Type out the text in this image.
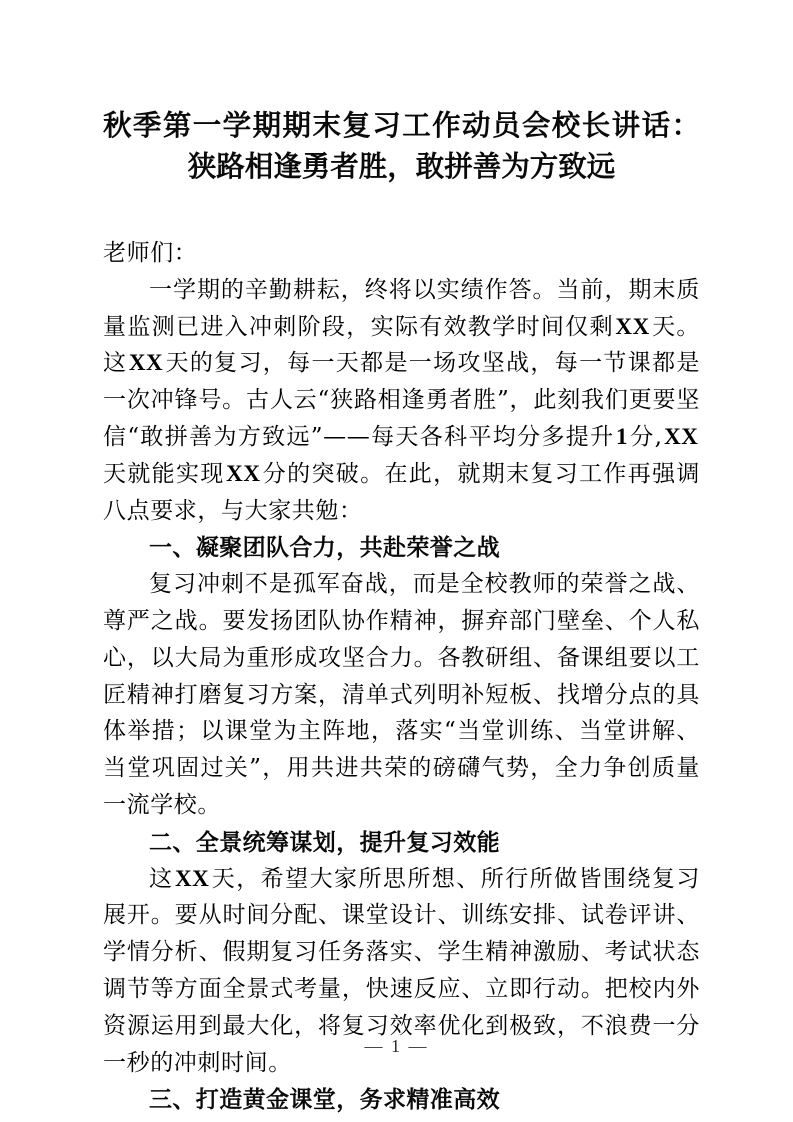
秋季第一学期期末复习工作动员会校长讲话：狭路相逢勇者胜，敢拼善为方致远
老师们：

一学期的辛勤耕耘，终将以实绩作答。当前，期末质量监测已进入冲刺阶段，实际有效教学时间仅剩XX天。这XX天的复习，每一天都是一场攻坚战，每一节课都是一次冲锋号。古人云“狭路相逢勇者胜”，此刻我们更要坚信“敢拼善为方致远”——每天各科平均分多提升1分,XX天就能实现XX分的突破。在此，就期末复习工作再强调八点要求，与大家共勉：

一、凝聚团队合力，共赴荣誉之战

复习冲刺不是孤军奋战，而是全校教师的荣誉之战、尊严之战。要发扬团队协作精神，摒弃部门壁垒、个人私心，以大局为重形成攻坚合力。各教研组、备课组要以工匠精神打磨复习方案，清单式列明补短板、找增分点的具体举措；以课堂为主阵地，落实“当堂训练、当堂讲解、当堂巩固过关”，用共进共荣的磅礴气势，全力争创质量一流学校。

二、全景统筹谋划，提升复习效能

这XX天，希望大家所思所想、所行所做皆围绕复习展开。要从时间分配、课堂设计、训练安排、试卷评讲、学情分析、假期复习任务落实、学生精神激励、考试状态调节等方面全景式考量，快速反应、立即行动。把校内外资源运用到最大化，将复习效率优化到极致，不浪费一分一秒的冲刺时间。

三、打造黄金课堂，务求精准高效
— 1 —
